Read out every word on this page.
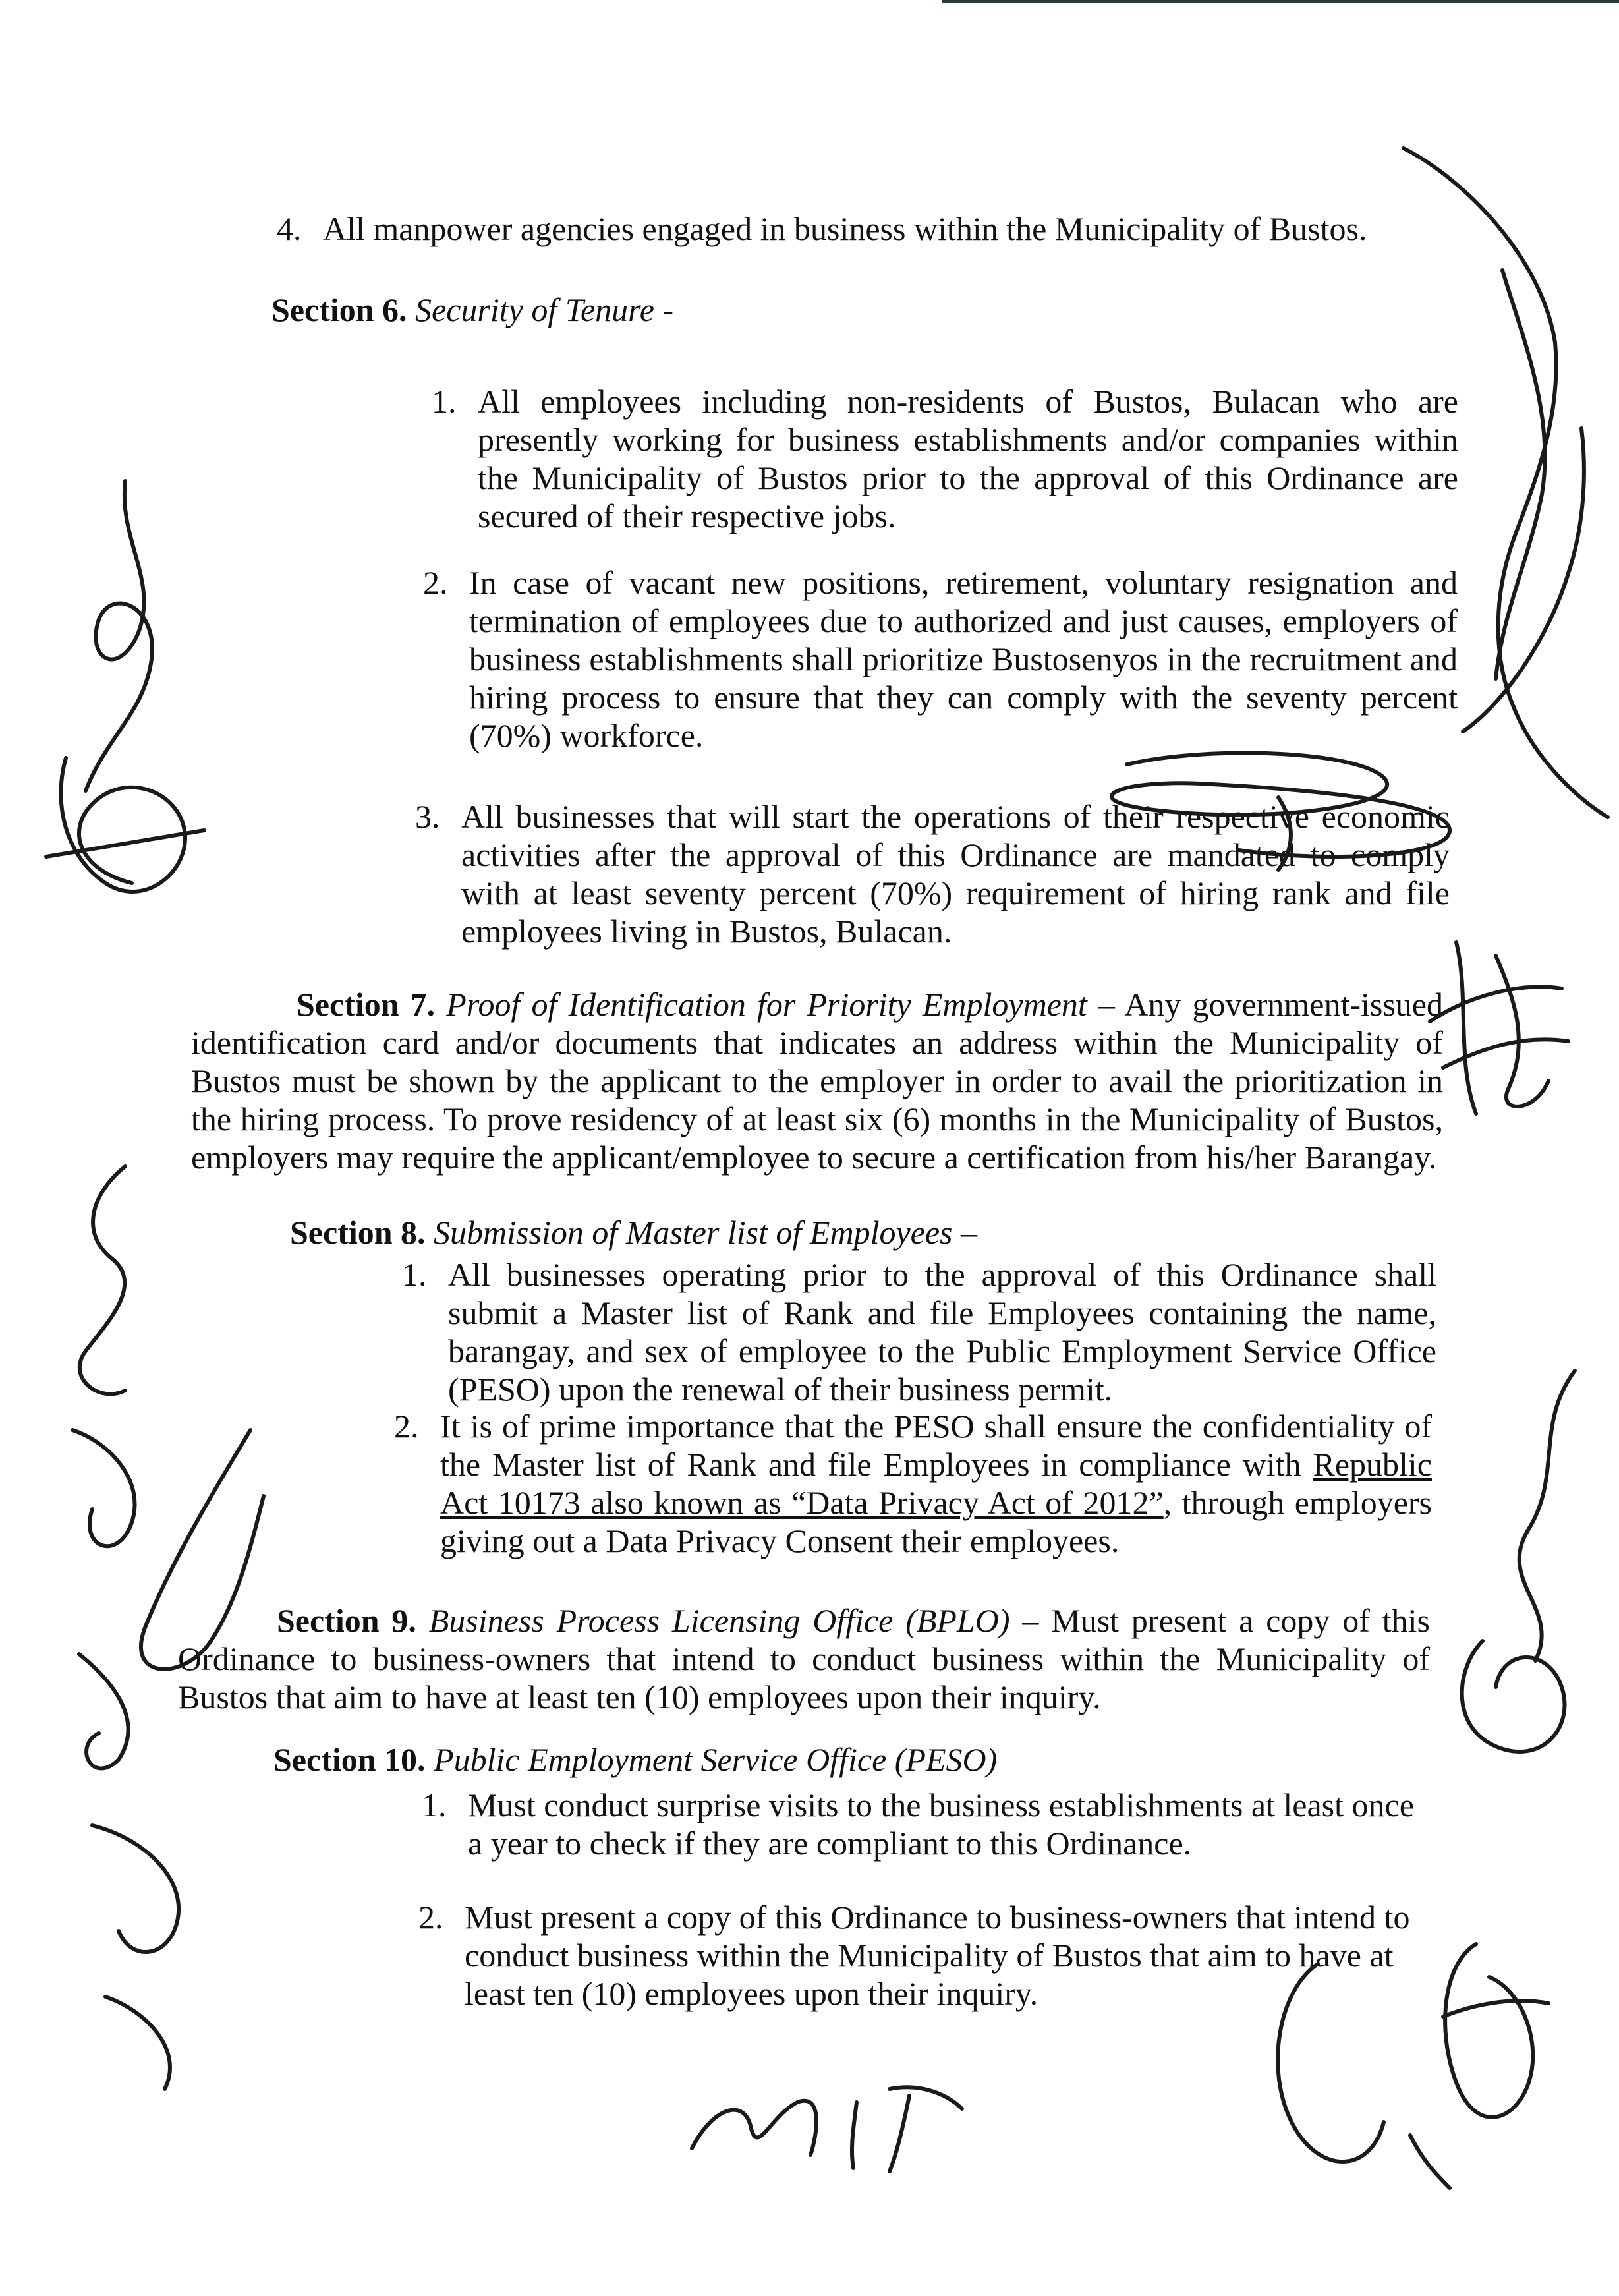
4. All manpower agencies engaged in business within the Municipality of Bustos.
Section 6. Security of Tenure -
1. All employees including non-residents of Bustos, Bulacan who are presently working for business establishments and/or companies within the Municipality of Bustos prior to the approval of this Ordinance are secured of their respective jobs.
2. In case of vacant new positions, retirement, voluntary resignation and termination of employees due to authorized and just causes, employers of business establishments shall prioritize Bustosenyos in the recruitment and hiring process to ensure that they can comply with the seventy percent (70%) workforce.
3. All businesses that will start the operations of their respective economic activities after the approval of this Ordinance are mandated to comply with at least seventy percent (70%) requirement of hiring rank and file employees living in Bustos, Bulacan.
Section 7. Proof of Identification for Priority Employment – Any government-issued identification card and/or documents that indicates an address within the Municipality of Bustos must be shown by the applicant to the employer in order to avail the prioritization in the hiring process. To prove residency of at least six (6) months in the Municipality of Bustos, employers may require the applicant/employee to secure a certification from his/her Barangay.
Section 8. Submission of Master list of Employees –
1. All businesses operating prior to the approval of this Ordinance shall submit a Master list of Rank and file Employees containing the name, barangay, and sex of employee to the Public Employment Service Office (PESO) upon the renewal of their business permit.
2. It is of prime importance that the PESO shall ensure the confidentiality of the Master list of Rank and file Employees in compliance with Republic Act 10173 also known as “Data Privacy Act of 2012”, through employers giving out a Data Privacy Consent their employees.
Section 9. Business Process Licensing Office (BPLO) – Must present a copy of this Ordinance to business-owners that intend to conduct business within the Municipality of Bustos that aim to have at least ten (10) employees upon their inquiry.
Section 10. Public Employment Service Office (PESO)
1. Must conduct surprise visits to the business establishments at least once a year to check if they are compliant to this Ordinance.
2. Must present a copy of this Ordinance to business-owners that intend to conduct business within the Municipality of Bustos that aim to have at least ten (10) employees upon their inquiry.
